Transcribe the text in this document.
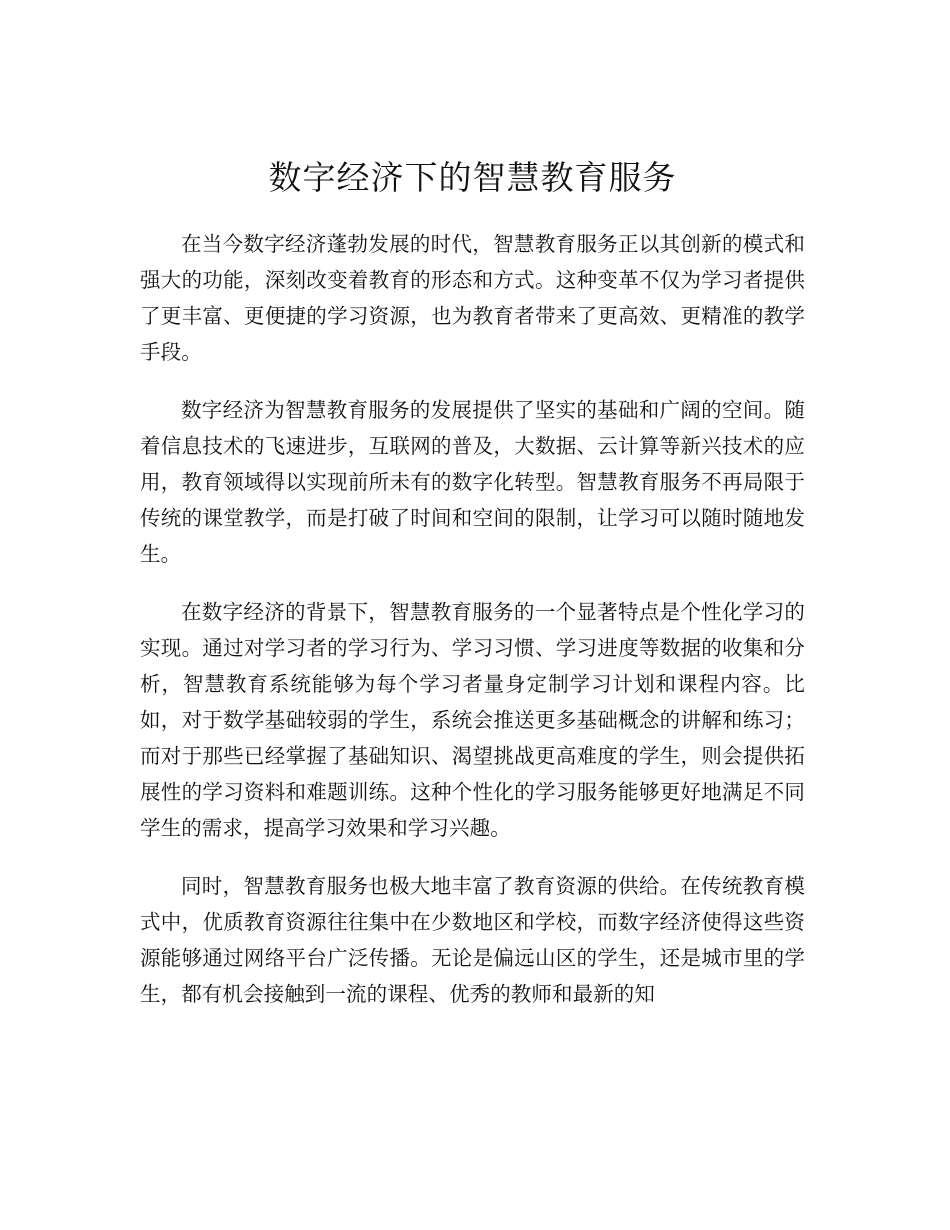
数字经济下的智慧教育服务

在当今数字经济蓬勃发展的时代，智慧教育服务正以其创新的模式和强大的功能，深刻改变着教育的形态和方式。这种变革不仅为学习者提供了更丰富、更便捷的学习资源，也为教育者带来了更高效、更精准的教学手段。

数字经济为智慧教育服务的发展提供了坚实的基础和广阔的空间。随着信息技术的飞速进步，互联网的普及，大数据、云计算等新兴技术的应用，教育领域得以实现前所未有的数字化转型。智慧教育服务不再局限于传统的课堂教学，而是打破了时间和空间的限制，让学习可以随时随地发生。

在数字经济的背景下，智慧教育服务的一个显著特点是个性化学习的实现。通过对学习者的学习行为、学习习惯、学习进度等数据的收集和分析，智慧教育系统能够为每个学习者量身定制学习计划和课程内容。比如，对于数学基础较弱的学生，系统会推送更多基础概念的讲解和练习；而对于那些已经掌握了基础知识、渴望挑战更高难度的学生，则会提供拓展性的学习资料和难题训练。这种个性化的学习服务能够更好地满足不同学生的需求，提高学习效果和学习兴趣。

同时，智慧教育服务也极大地丰富了教育资源的供给。在传统教育模式中，优质教育资源往往集中在少数地区和学校，而数字经济使得这些资源能够通过网络平台广泛传播。无论是偏远山区的学生，还是城市里的学生，都有机会接触到一流的课程、优秀的教师和最新的知
